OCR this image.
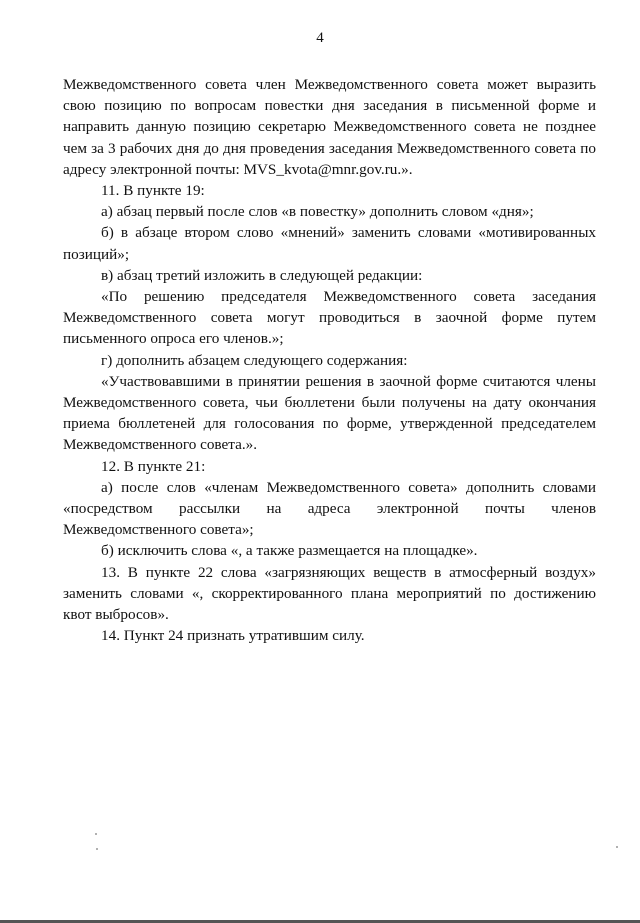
4

Межведомственного совета член Межведомственного совета может выразить свою позицию по вопросам повестки дня заседания в письменной форме и направить данную позицию секретарю Межведомственного совета не позднее чем за 3 рабочих дня до дня проведения заседания Межведомственного совета по адресу электронной почты: MVS_kvota@mnr.gov.ru.».

11. В пункте 19:

а) абзац первый после слов «в повестку» дополнить словом «дня»;

б) в абзаце втором слово «мнений» заменить словами «мотивированных позиций»;

в) абзац третий изложить в следующей редакции:

«По решению председателя Межведомственного совета заседания Межведомственного совета могут проводиться в заочной форме путем письменного опроса его членов.»;

г) дополнить абзацем следующего содержания:

«Участвовавшими в принятии решения в заочной форме считаются члены Межведомственного совета, чьи бюллетени были получены на дату окончания приема бюллетеней для голосования по форме, утвержденной председателем Межведомственного совета.».

12. В пункте 21:

а) после слов «членам Межведомственного совета» дополнить словами «посредством рассылки на адреса электронной почты членов Межведомственного совета»;

б) исключить слова «, а также размещается на площадке».

13. В пункте 22 слова «загрязняющих веществ в атмосферный воздух» заменить словами «, скорректированного плана мероприятий по достижению квот выбросов».

14. Пункт 24 признать утратившим силу.
